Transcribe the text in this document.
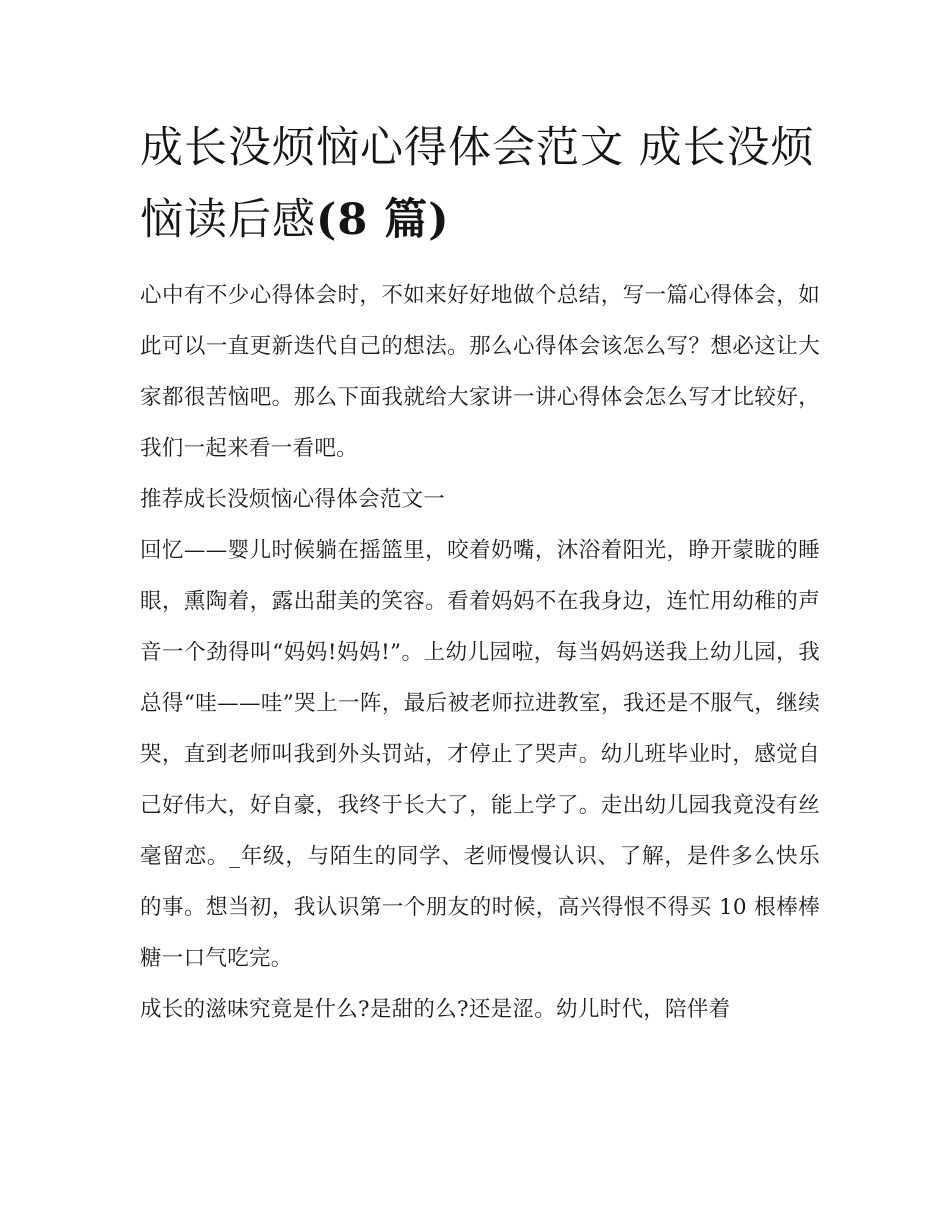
成长没烦恼心得体会范文 成长没烦恼读后感(8 篇)

心中有不少心得体会时，不如来好好地做个总结，写一篇心得体会，如此可以一直更新迭代自己的想法。那么心得体会该怎么写？想必这让大家都很苦恼吧。那么下面我就给大家讲一讲心得体会怎么写才比较好，我们一起来看一看吧。

推荐成长没烦恼心得体会范文一

回忆——婴儿时候躺在摇篮里，咬着奶嘴，沐浴着阳光，睁开蒙眬的睡眼，熏陶着，露出甜美的笑容。看着妈妈不在我身边，连忙用幼稚的声音一个劲得叫“妈妈!妈妈!”。上幼儿园啦，每当妈妈送我上幼儿园，我总得“哇——哇”哭上一阵，最后被老师拉进教室，我还是不服气，继续哭，直到老师叫我到外头罚站，才停止了哭声。幼儿班毕业时，感觉自己好伟大，好自豪，我终于长大了，能上学了。走出幼儿园我竟没有丝毫留恋。_年级，与陌生的同学、老师慢慢认识、了解，是件多么快乐的事。想当初，我认识第一个朋友的时候，高兴得恨不得买 10 根棒棒糖一口气吃完。

成长的滋味究竟是什么?是甜的么?还是涩。幼儿时代，陪伴着
